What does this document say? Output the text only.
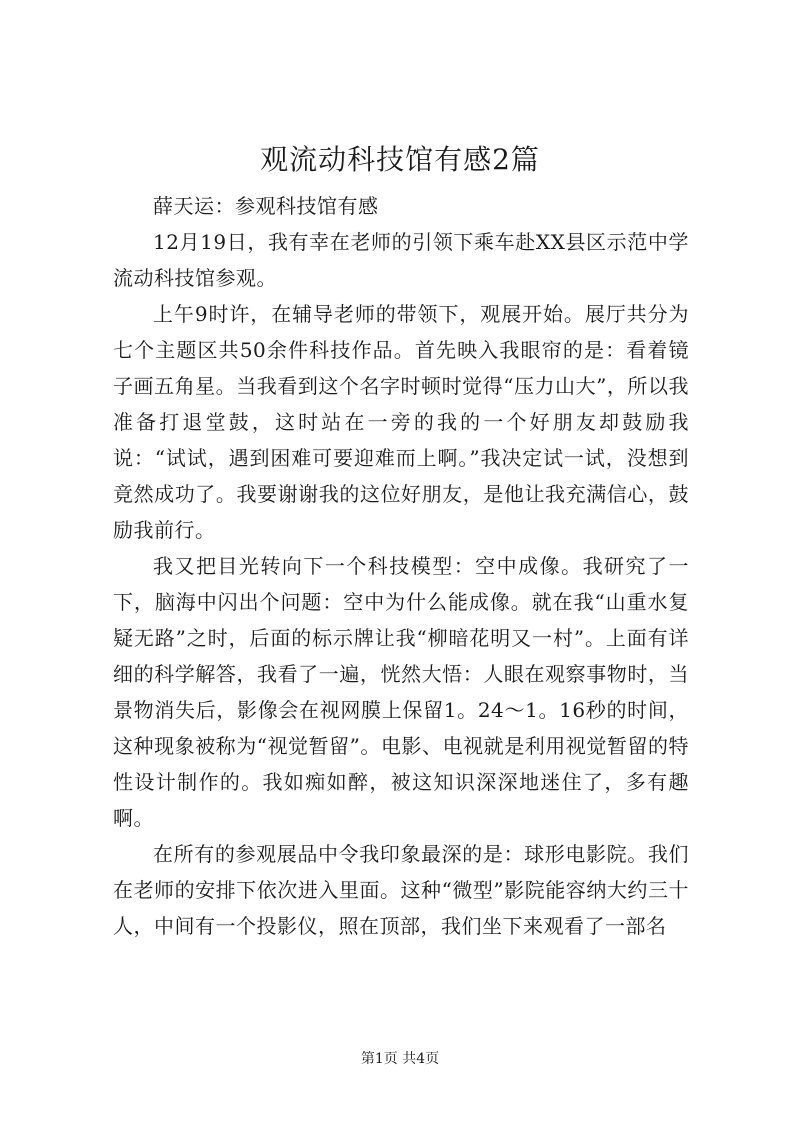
观流动科技馆有感2篇

薛天运：参观科技馆有感

12月19日，我有幸在老师的引领下乘车赴XX县区示范中学流动科技馆参观。

上午9时许，在辅导老师的带领下，观展开始。展厅共分为七个主题区共50余件科技作品。首先映入我眼帘的是：看着镜子画五角星。当我看到这个名字时顿时觉得“压力山大”，所以我准备打退堂鼓，这时站在一旁的我的一个好朋友却鼓励我说：“试试，遇到困难可要迎难而上啊。”我决定试一试，没想到竟然成功了。我要谢谢我的这位好朋友，是他让我充满信心，鼓励我前行。

我又把目光转向下一个科技模型：空中成像。我研究了一下，脑海中闪出个问题：空中为什么能成像。就在我“山重水复疑无路”之时，后面的标示牌让我“柳暗花明又一村”。上面有详细的科学解答，我看了一遍，恍然大悟：人眼在观察事物时，当景物消失后，影像会在视网膜上保留1。24～1。16秒的时间，这种现象被称为“视觉暂留”。电影、电视就是利用视觉暂留的特性设计制作的。我如痴如醉，被这知识深深地迷住了，多有趣啊。

在所有的参观展品中令我印象最深的是：球形电影院。我们在老师的安排下依次进入里面。这种“微型”影院能容纳大约三十人，中间有一个投影仪，照在顶部，我们坐下来观看了一部名

第1页 共4页
